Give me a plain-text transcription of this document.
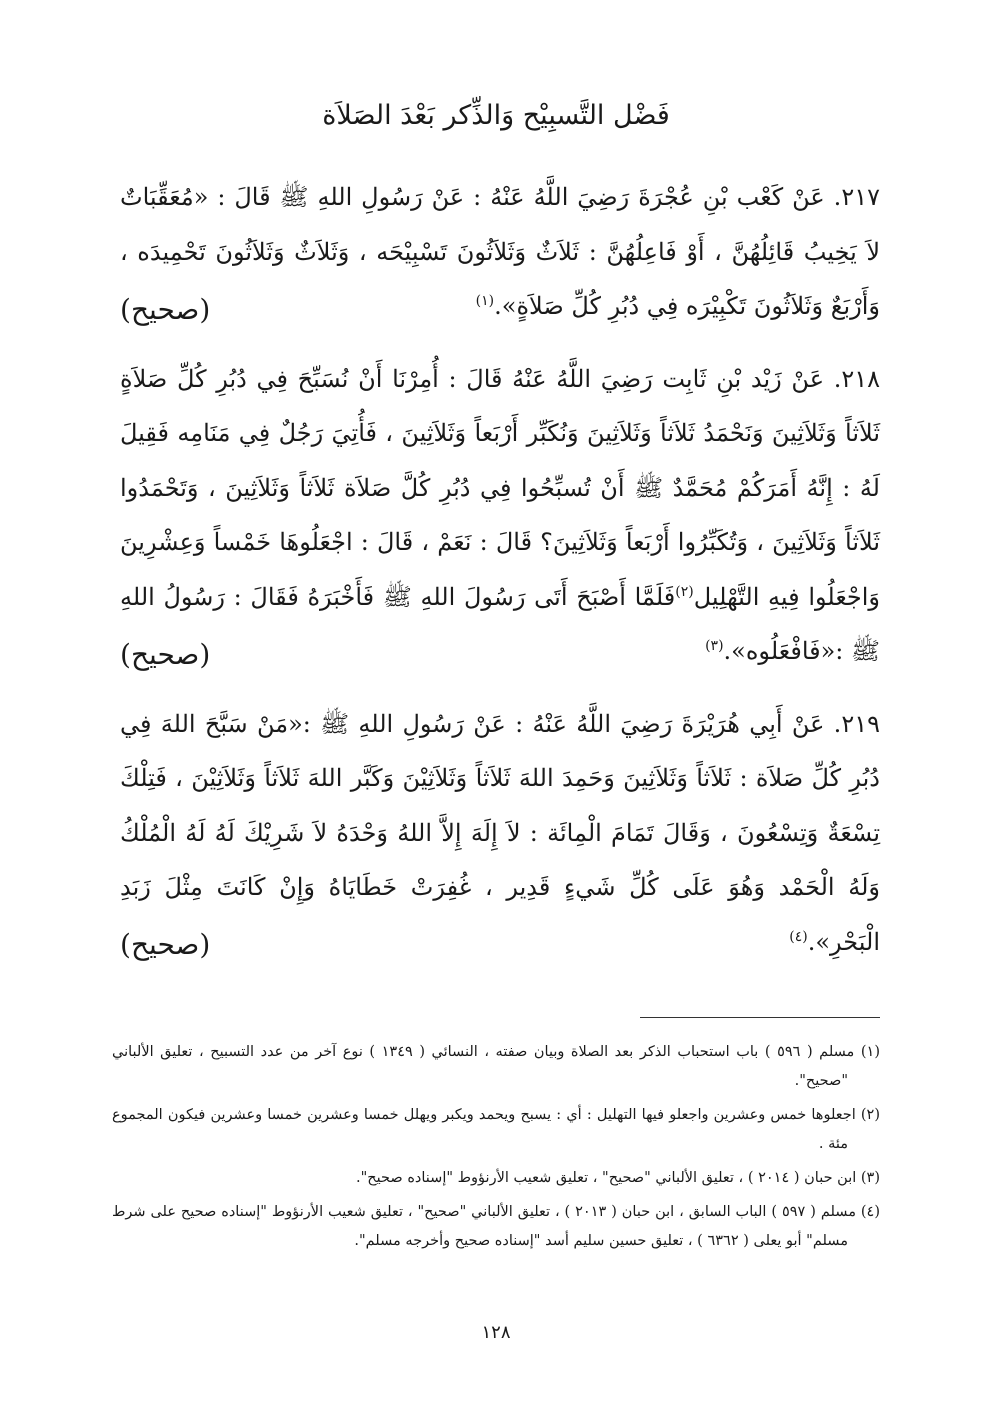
فَضْل التَّسبِيْح وَالذِّكر بَعْدَ الصَلاَة

٢١٧. عَنْ كَعْب بْنِ عُجْرَةَ رَضِيَ اللَّهُ عَنْهُ : عَنْ رَسُولِ اللهِ ﷺ قَالَ : «مُعَقِّبَاتٌ لاَ يَخِيبُ قَائِلُهُنَّ ، أَوْ فَاعِلُهُنَّ : ثَلاَثٌ وَثَلاَثُونَ تَسْبِيْحَه ، وَثَلاَثٌ وَثَلاَثُونَ تَحْمِيدَه ، وَأَرْبَعٌ وَثَلاَثُونَ تَكْبِيْرَه فِي دُبُرِ كُلِّ صَلاَةٍ».$^{(١)}$
( صحيح )

٢١٨. عَنْ زَيْد بْنِ ثَابِت رَضِيَ اللَّهُ عَنْهُ قَالَ : أُمِرْنَا أَنْ نُسَبِّحَ فِي دُبُرِ كُلِّ صَلاَةٍ ثَلاَثاً وَثَلاَثِينَ وَنَحْمَدُ ثَلاَثاً وَثَلاَثِينَ وَنُكَبِّر أَرْبَعاً وَثَلاَثِينَ ، فَأُتِيَ رَجُلٌ فِي مَنَامِه فَقِيلَ لَهُ : إِنَّهُ أَمَرَكُمْ مُحَمَّدٌ ﷺ أَنْ تُسبِّحُوا فِي دُبُرِ كُلَّ صَلاَة ثَلاَثاً وَثَلاَثِينَ ، وَتَحْمَدُوا ثَلاَثاً وَثَلاَثِينَ ، وَتُكَبِّرُوا أَرْبَعاً وَثَلاَثِينَ؟ قَالَ : نَعَمْ ، قَالَ : اجْعَلُوهَا خَمْساً وَعِشْرِينَ وَاجْعَلُوا فِيهِ التَّهْلِيل$^{(٢)}$فَلَمَّا أَصْبَحَ أَتَى رَسُولَ اللهِ ﷺ فَأَخْبَرَهُ فَقَالَ : رَسُولُ اللهِ ﷺ :«فَافْعَلُوه».$^{(٣)}$
( صحيح )

٢١٩. عَنْ أَبِي هُرَيْرَةَ رَضِيَ اللَّهُ عَنْهُ : عَنْ رَسُولِ اللهِ ﷺ :«مَنْ سَبَّحَ اللهَ فِي دُبُرِ كُلِّ صَلاَة : ثَلاَثاً وَثَلاَثِينَ وَحَمِدَ اللهَ ثَلاَثاً وَثَلاَثِيْنَ وَكَبَّر اللهَ ثَلاَثاً وَثَلاَثِيْنَ ، فَتِلْكَ تِسْعَةٌ وَتِسْعُونَ ، وَقَالَ تَمَامَ الْمِائَة : لاَ إِلَهَ إِلاَّ اللهُ وَحْدَهُ لاَ شَرِيْكَ لَهُ لَهُ الْمُلْكُ وَلَهُ الْحَمْد وَهُوَ عَلَى كُلِّ شَيءٍ قَدِير ، غُفِرَتْ خَطَايَاهُ وَإِنْ كَانَتَ مِثْلَ زَبَدِ الْبَحْرِ».$^{(٤)}$
( صحيح )

(١) مسلم ( ٥٩٦ ) باب استحباب الذكر بعد الصلاة وبيان صفته ، النسائي ( ١٣٤٩ ) نوع آخر من عدد التسبيح ، تعليق الألباني "صحيح".

(٢) اجعلوها خمس وعشرين واجعلو فيها التهليل : أي : يسبح ويحمد ويكبر ويهلل خمسا وعشرين خمسا وعشرين فيكون المجموع مئة .

(٣) ابن حبان ( ٢٠١٤ ) ، تعليق الألباني "صحيح" ، تعليق شعيب الأرنؤوط "إسناده صحيح".

(٤) مسلم ( ٥٩٧ ) الباب السابق ، ابن حبان ( ٢٠١٣ ) ، تعليق الألباني "صحيح" ، تعليق شعيب الأرنؤوط "إسناده صحيح على شرط مسلم" أبو يعلى ( ٦٣٦٢ ) ، تعليق حسين سليم أسد "إسناده صحيح وأخرجه مسلم".

١٢٨
